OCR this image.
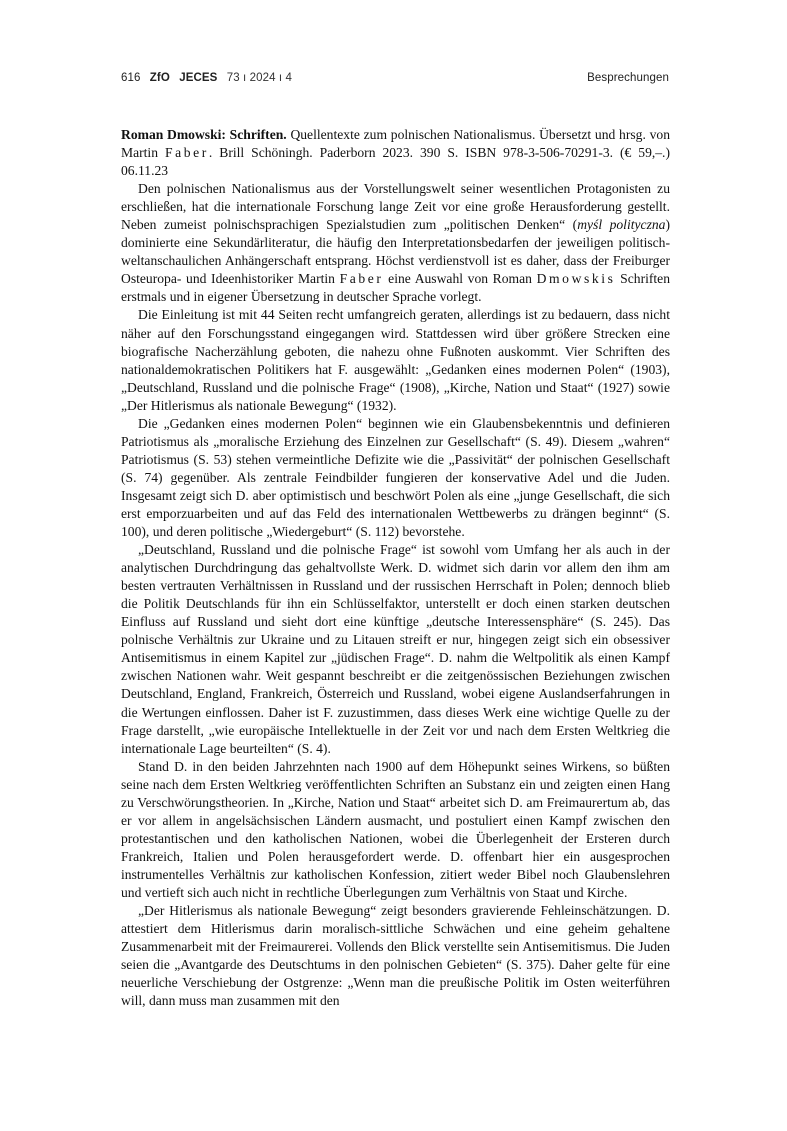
616 ZfO JECES 73 ı 2024 ı 4	Besprechungen

Roman Dmowski: Schriften. Quellentexte zum polnischen Nationalismus. Übersetzt und hrsg. von Martin Faber. Brill Schöningh. Paderborn 2023. 390 S. ISBN 978-3-506-70291-3. (€ 59,–.) 06.11.23

Den polnischen Nationalismus aus der Vorstellungswelt seiner wesentlichen Protagonisten zu erschließen, hat die internationale Forschung lange Zeit vor eine große Herausforderung gestellt. Neben zumeist polnischsprachigen Spezialstudien zum „politischen Denken“ (myśl polityczna) dominierte eine Sekundärliteratur, die häufig den Interpretationsbedarfen der jeweiligen politisch-weltanschaulichen Anhängerschaft entsprang. Höchst verdienstvoll ist es daher, dass der Freiburger Osteuropa- und Ideenhistoriker Martin Faber eine Auswahl von Roman Dmowskis Schriften erstmals und in eigener Übersetzung in deutscher Sprache vorlegt.

Die Einleitung ist mit 44 Seiten recht umfangreich geraten, allerdings ist zu bedauern, dass nicht näher auf den Forschungsstand eingegangen wird. Stattdessen wird über größere Strecken eine biografische Nacherzählung geboten, die nahezu ohne Fußnoten auskommt. Vier Schriften des nationaldemokratischen Politikers hat F. ausgewählt: „Gedanken eines modernen Polen“ (1903), „Deutschland, Russland und die polnische Frage“ (1908), „Kirche, Nation und Staat“ (1927) sowie „Der Hitlerismus als nationale Bewegung“ (1932).

Die „Gedanken eines modernen Polen“ beginnen wie ein Glaubensbekenntnis und definieren Patriotismus als „moralische Erziehung des Einzelnen zur Gesellschaft“ (S. 49). Diesem „wahren“ Patriotismus (S. 53) stehen vermeintliche Defizite wie die „Passivität“ der polnischen Gesellschaft (S. 74) gegenüber. Als zentrale Feindbilder fungieren der konservative Adel und die Juden. Insgesamt zeigt sich D. aber optimistisch und beschwört Polen als eine „junge Gesellschaft, die sich erst emporzuarbeiten und auf das Feld des internationalen Wettbewerbs zu drängen beginnt“ (S. 100), und deren politische „Wiedergeburt“ (S. 112) bevorstehe.

„Deutschland, Russland und die polnische Frage“ ist sowohl vom Umfang her als auch in der analytischen Durchdringung das gehaltvollste Werk. D. widmet sich darin vor allem den ihm am besten vertrauten Verhältnissen in Russland und der russischen Herrschaft in Polen; dennoch blieb die Politik Deutschlands für ihn ein Schlüsselfaktor, unterstellt er doch einen starken deutschen Einfluss auf Russland und sieht dort eine künftige „deutsche Interessensphäre“ (S. 245). Das polnische Verhältnis zur Ukraine und zu Litauen streift er nur, hingegen zeigt sich ein obsessiver Antisemitismus in einem Kapitel zur „jüdischen Frage“. D. nahm die Weltpolitik als einen Kampf zwischen Nationen wahr. Weit gespannt beschreibt er die zeitgenössischen Beziehungen zwischen Deutschland, England, Frankreich, Österreich und Russland, wobei eigene Auslandserfahrungen in die Wertungen einflossen. Daher ist F. zuzustimmen, dass dieses Werk eine wichtige Quelle zu der Frage darstellt, „wie europäische Intellektuelle in der Zeit vor und nach dem Ersten Weltkrieg die internationale Lage beurteilten“ (S. 4).

Stand D. in den beiden Jahrzehnten nach 1900 auf dem Höhepunkt seines Wirkens, so büßten seine nach dem Ersten Weltkrieg veröffentlichten Schriften an Substanz ein und zeigten einen Hang zu Verschwörungstheorien. In „Kirche, Nation und Staat“ arbeitet sich D. am Freimaurertum ab, das er vor allem in angelsächsischen Ländern ausmacht, und postuliert einen Kampf zwischen den protestantischen und den katholischen Nationen, wobei die Überlegenheit der Ersteren durch Frankreich, Italien und Polen herausgefordert werde. D. offenbart hier ein ausgesprochen instrumentelles Verhältnis zur katholischen Konfession, zitiert weder Bibel noch Glaubenslehren und vertieft sich auch nicht in rechtliche Überlegungen zum Verhältnis von Staat und Kirche.

„Der Hitlerismus als nationale Bewegung“ zeigt besonders gravierende Fehleinschätzungen. D. attestiert dem Hitlerismus darin moralisch-sittliche Schwächen und eine geheim gehaltene Zusammenarbeit mit der Freimaurerei. Vollends den Blick verstellte sein Antisemitismus. Die Juden seien die „Avantgarde des Deutschtums in den polnischen Gebieten“ (S. 375). Daher gelte für eine neuerliche Verschiebung der Ostgrenze: „Wenn man die preußische Politik im Osten weiterführen will, dann muss man zusammen mit den
